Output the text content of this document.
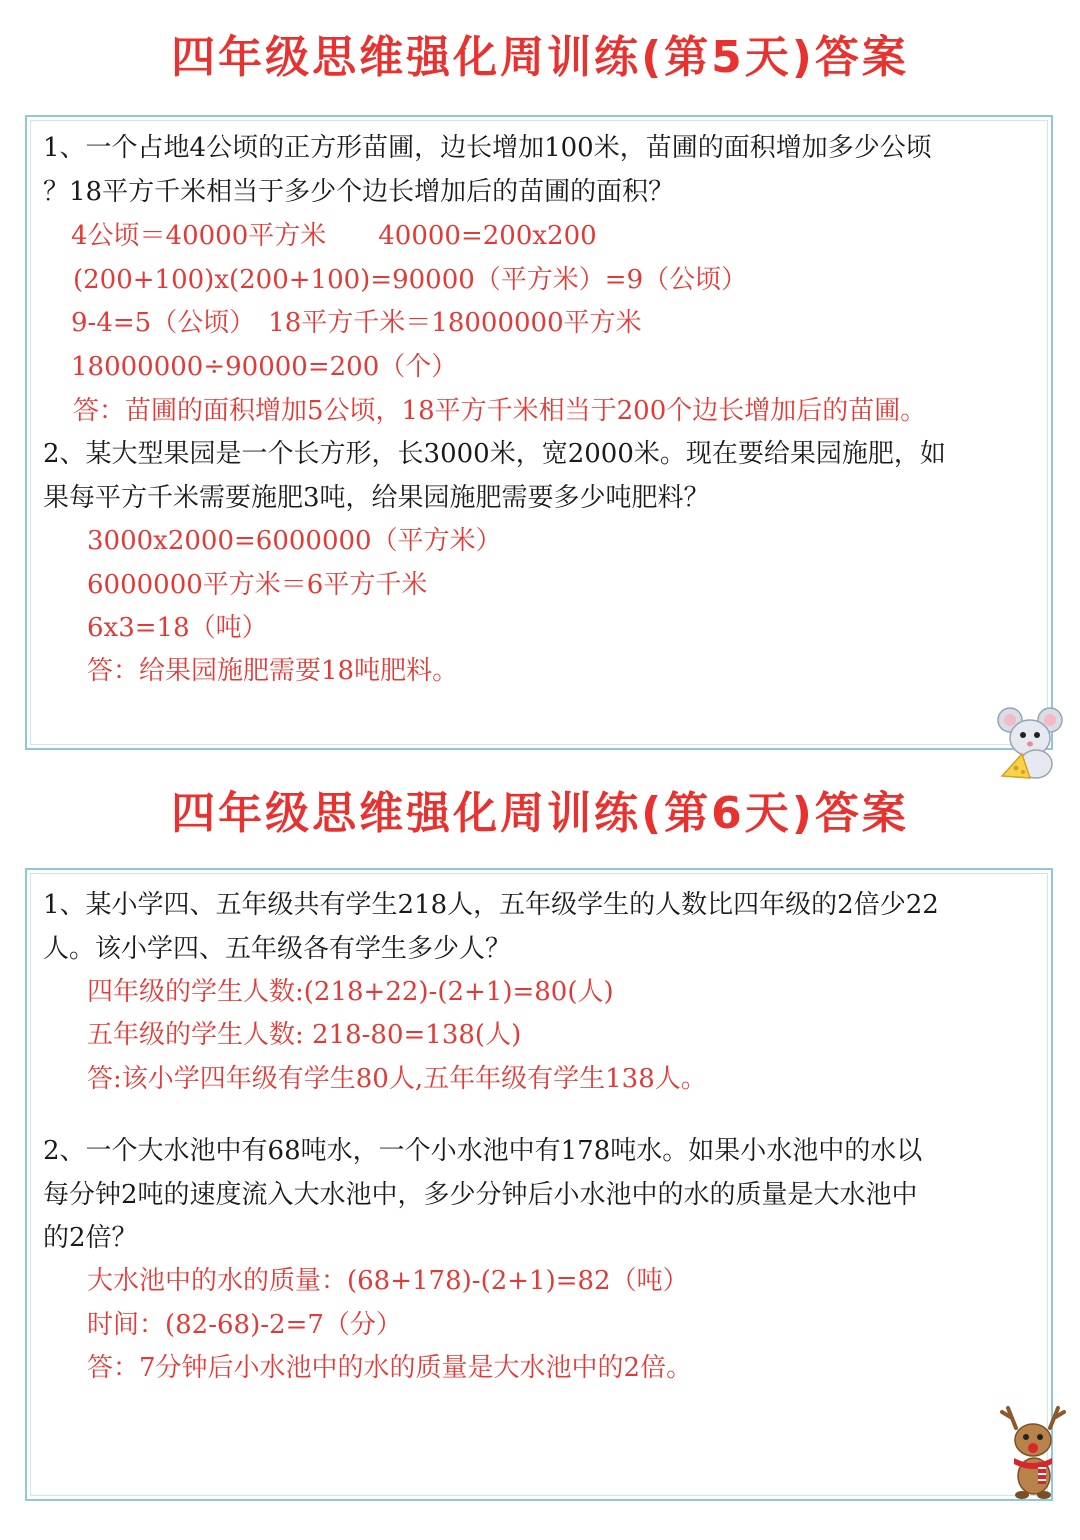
四年级思维强化周训练(第5天)答案
1、一个占地4公顷的正方形苗圃，边长增加100米，苗圃的面积增加多少公顷
？18平方千米相当于多少个边长增加后的苗圃的面积？
4公顷＝40000平方米　　40000=200x200
(200+100)x(200+100)=90000（平方米）=9（公顷）
9-4=5（公顷）　18平方千米＝18000000平方米
18000000÷90000=200（个）
答：苗圃的面积增加5公顷，18平方千米相当于200个边长增加后的苗圃。
2、某大型果园是一个长方形，长3000米，宽2000米。现在要给果园施肥，如
果每平方千米需要施肥3吨，给果园施肥需要多少吨肥料？
3000x2000=6000000（平方米）
6000000平方米＝6平方千米
6x3=18（吨）
答：给果园施肥需要18吨肥料。
四年级思维强化周训练(第6天)答案
1、某小学四、五年级共有学生218人，五年级学生的人数比四年级的2倍少22
人。该小学四、五年级各有学生多少人？
四年级的学生人数:(218+22)-(2+1)=80(人)
五年级的学生人数: 218-80=138(人)
答:该小学四年级有学生80人,五年年级有学生138人。
2、一个大水池中有68吨水，一个小水池中有178吨水。如果小水池中的水以
每分钟2吨的速度流入大水池中，多少分钟后小水池中的水的质量是大水池中
的2倍？
大水池中的水的质量：(68+178)-(2+1)=82（吨）
时间：(82-68)-2=7（分）
答：7分钟后小水池中的水的质量是大水池中的2倍。
